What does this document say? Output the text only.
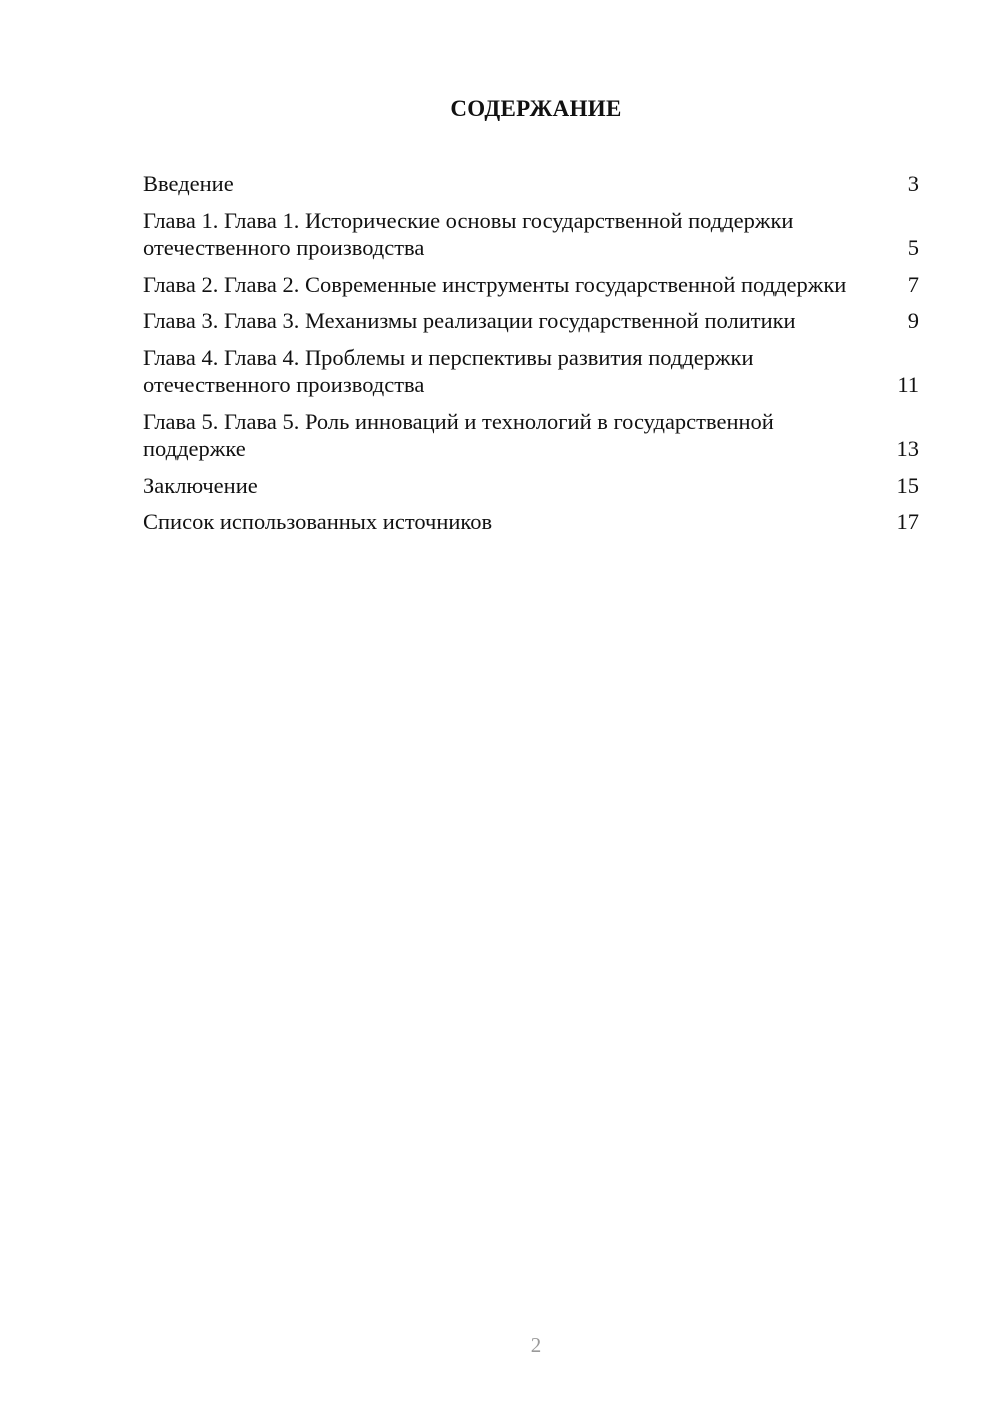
СОДЕРЖАНИЕ
Введение	3
Глава 1. Глава 1. Исторические основы государственной поддержки отечественного производства	5
Глава 2. Глава 2. Современные инструменты государственной поддержки	7
Глава 3. Глава 3. Механизмы реализации государственной политики	9
Глава 4. Глава 4. Проблемы и перспективы развития поддержки отечественного производства	11
Глава 5. Глава 5. Роль инноваций и технологий в государственной поддержке	13
Заключение	15
Список использованных источников	17
2
